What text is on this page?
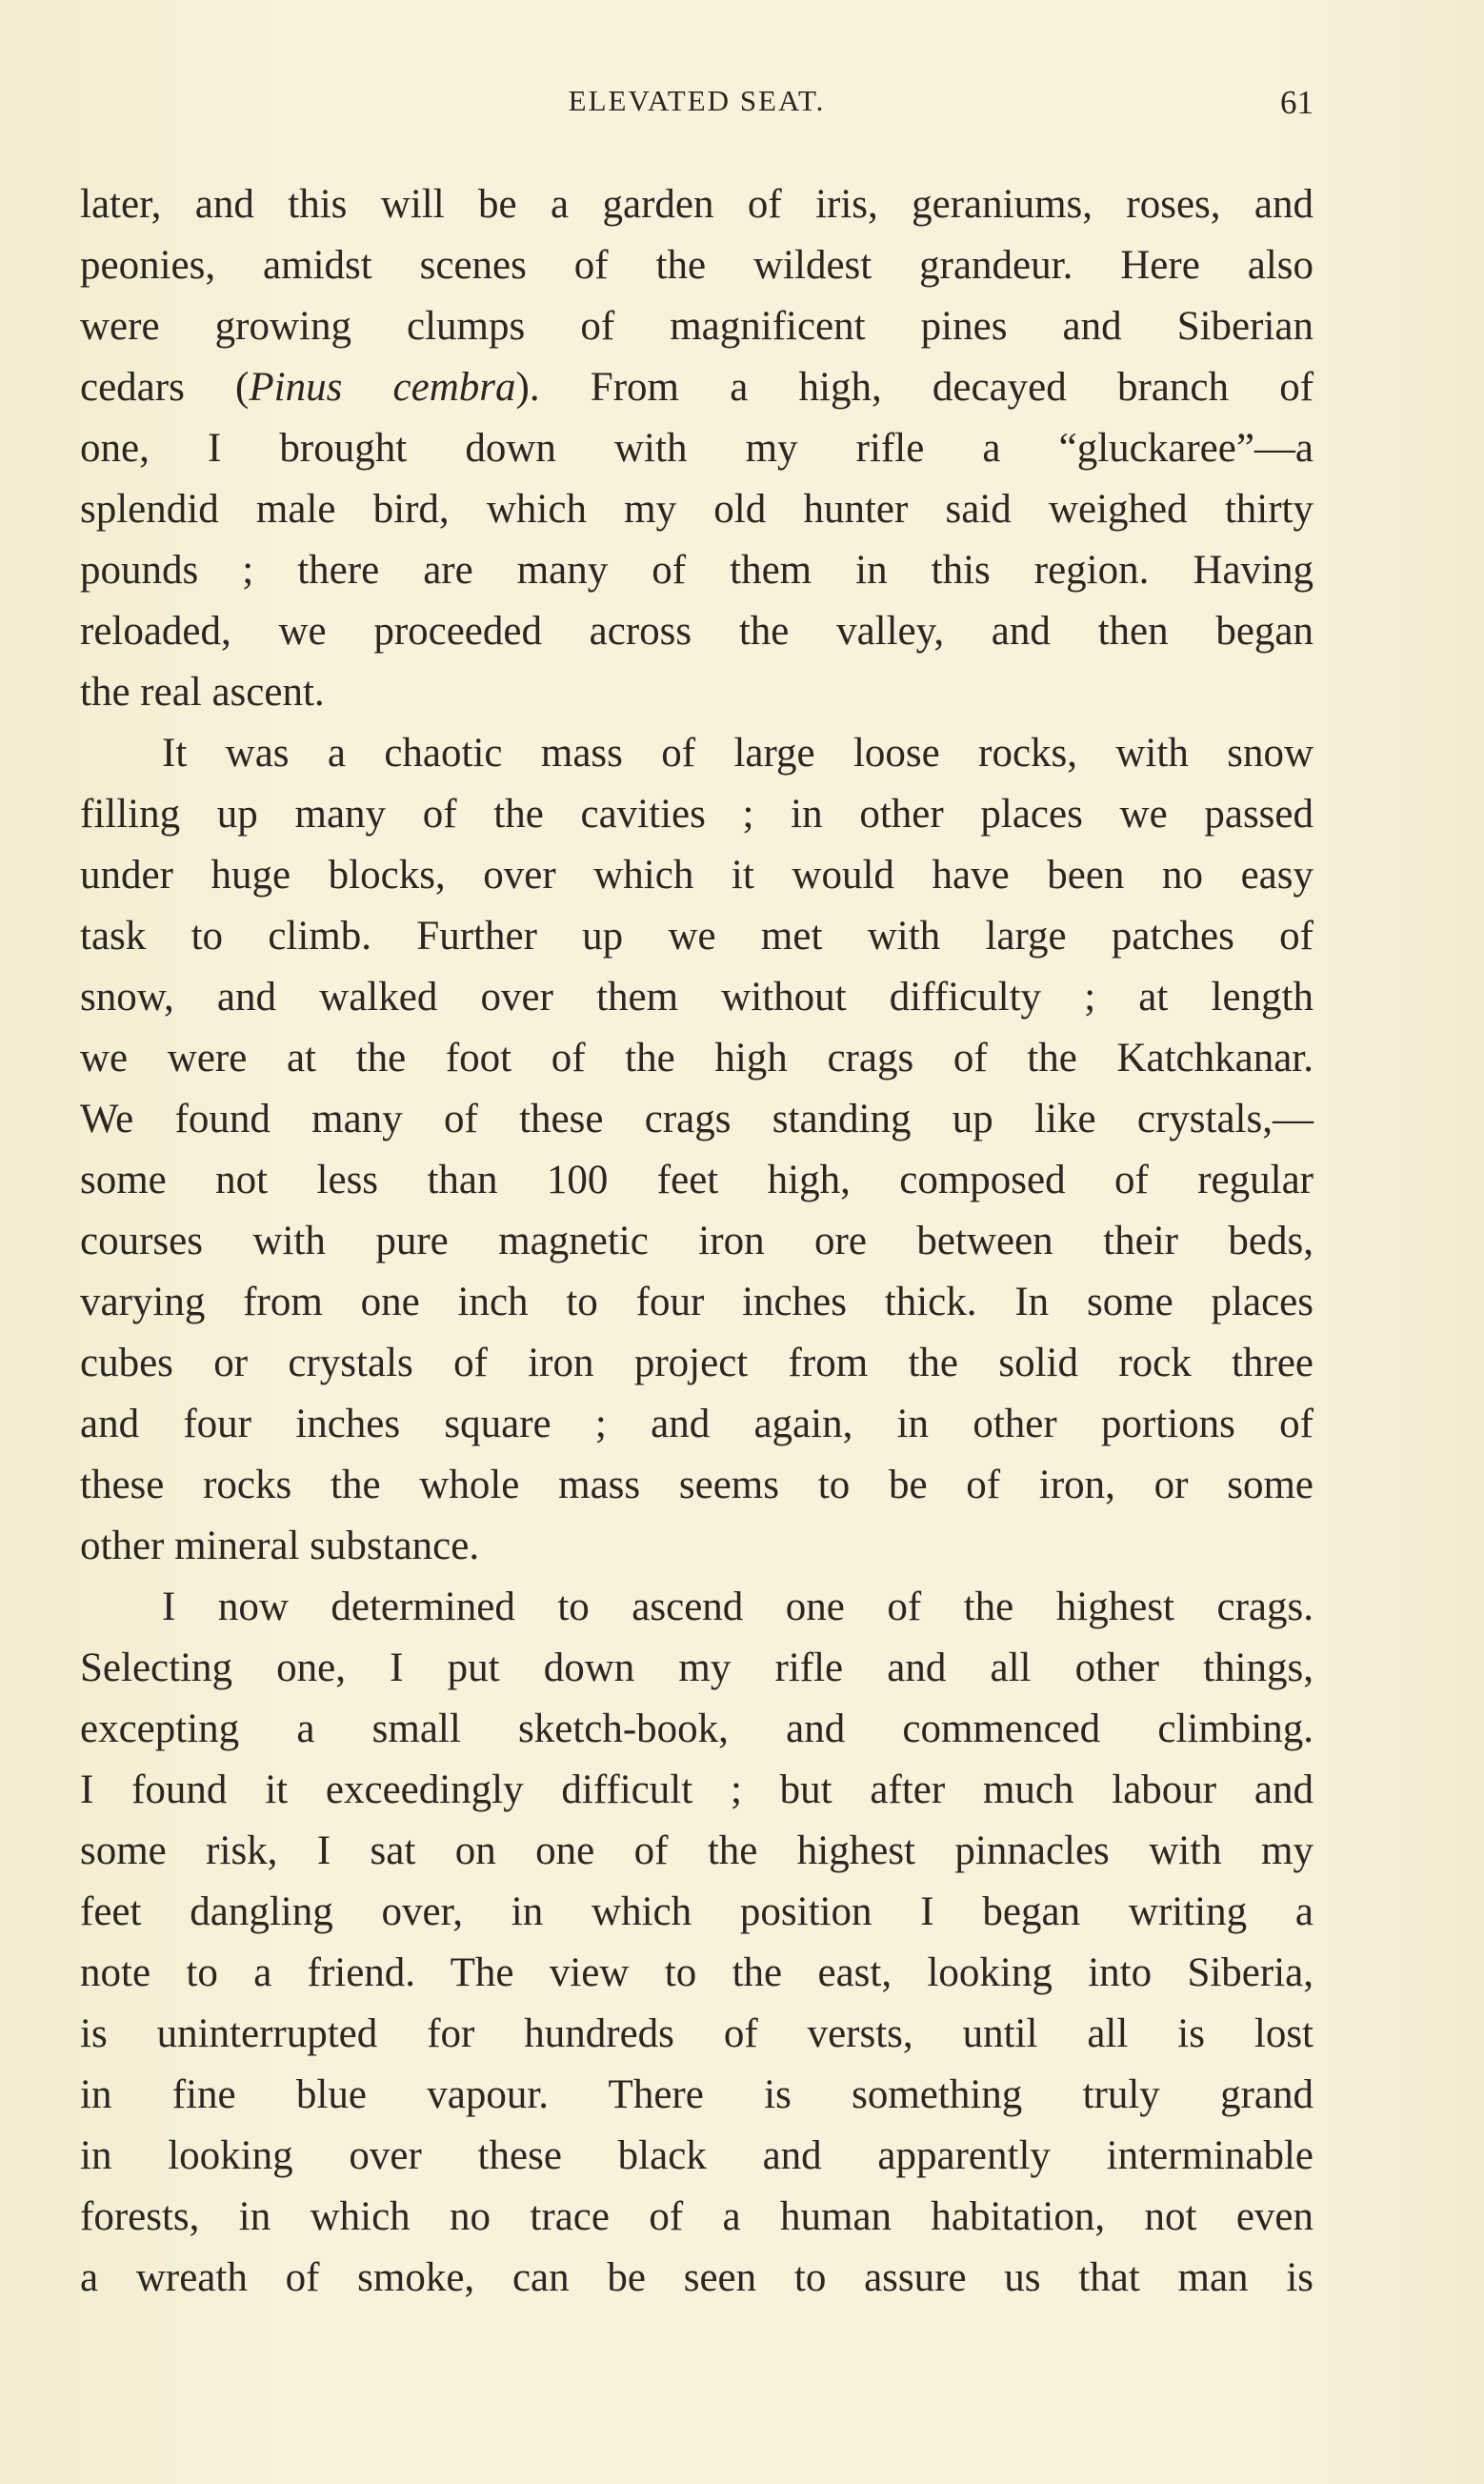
ELEVATED SEAT.	61

later, and this will be a garden of iris, geraniums, roses, and
peonies, amidst scenes of the wildest grandeur. Here also
were growing clumps of magnificent pines and Siberian
cedars (Pinus cembra). From a high, decayed branch of
one, I brought down with my rifle a “gluckaree”—a
splendid male bird, which my old hunter said weighed thirty
pounds ; there are many of them in this region. Having
reloaded, we proceeded across the valley, and then began
the real ascent.

It was a chaotic mass of large loose rocks, with snow
filling up many of the cavities ; in other places we passed
under huge blocks, over which it would have been no easy
task to climb. Further up we met with large patches of
snow, and walked over them without difficulty ; at length
we were at the foot of the high crags of the Katchkanar.
We found many of these crags standing up like crystals,—
some not less than 100 feet high, composed of regular
courses with pure magnetic iron ore between their beds,
varying from one inch to four inches thick. In some places
cubes or crystals of iron project from the solid rock three
and four inches square ; and again, in other portions of
these rocks the whole mass seems to be of iron, or some
other mineral substance.

I now determined to ascend one of the highest crags.
Selecting one, I put down my rifle and all other things,
excepting a small sketch-book, and commenced climbing.
I found it exceedingly difficult ; but after much labour and
some risk, I sat on one of the highest pinnacles with my
feet dangling over, in which position I began writing a
note to a friend. The view to the east, looking into Siberia,
is uninterrupted for hundreds of versts, until all is lost
in fine blue vapour. There is something truly grand
in looking over these black and apparently interminable
forests, in which no trace of a human habitation, not even
a wreath of smoke, can be seen to assure us that man is
